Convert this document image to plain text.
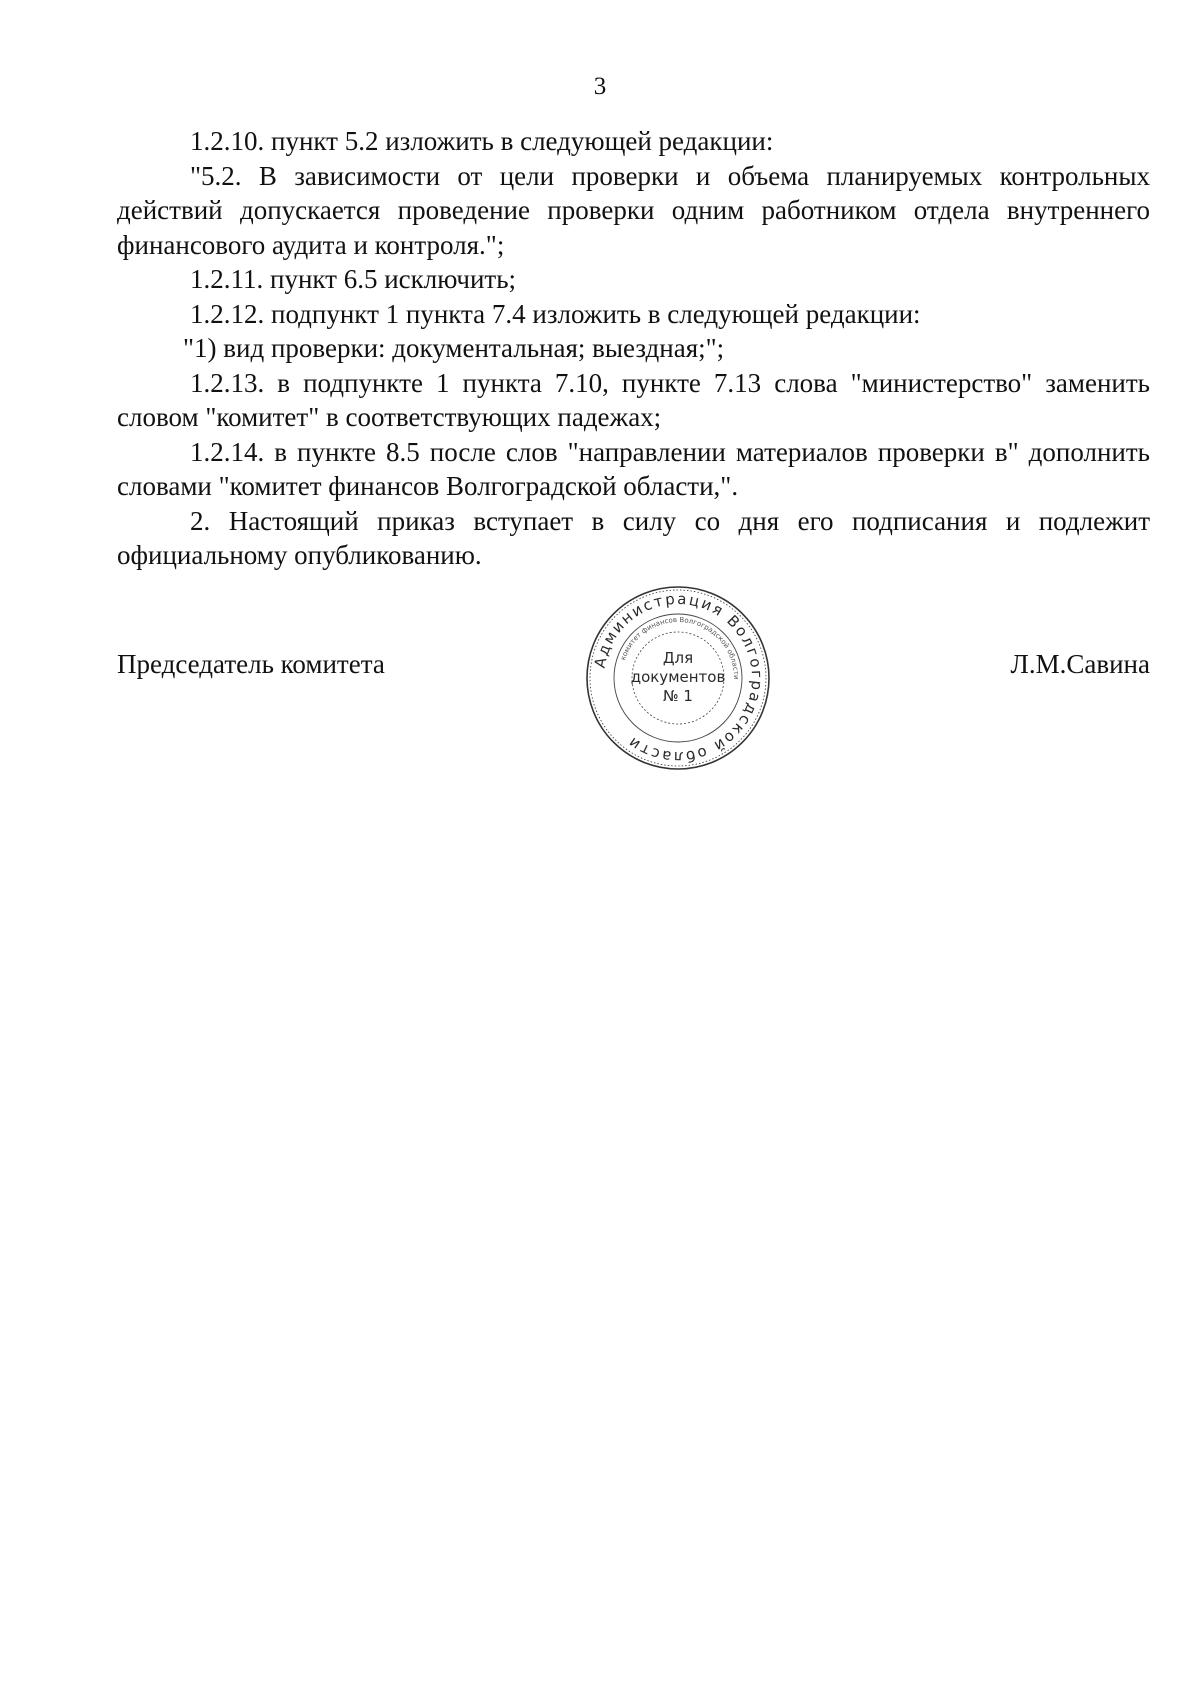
3

1.2.10. пункт 5.2 изложить в следующей редакции:

"5.2. В зависимости от цели проверки и объема планируемых контрольных действий допускается проведение проверки одним работником отдела внутреннего финансового аудита и контроля.";

1.2.11. пункт 6.5 исключить;

1.2.12. подпункт 1 пункта 7.4 изложить в следующей редакции:

"1) вид проверки: документальная; выездная;";

1.2.13. в подпункте 1 пункта 7.10, пункте 7.13 слова "министерство" заменить словом "комитет" в соответствующих падежах;

1.2.14. в пункте 8.5 после слов "направлении материалов проверки в" дополнить словами "комитет финансов Волгоградской области,".

2. Настоящий приказ вступает в силу со дня его подписания и подлежит официальному опубликованию.

Председатель комитета	Л.М.Савина
Администрация Волгоградской области
комитет финансов Волгоградской области
Для
документов
№ 1
